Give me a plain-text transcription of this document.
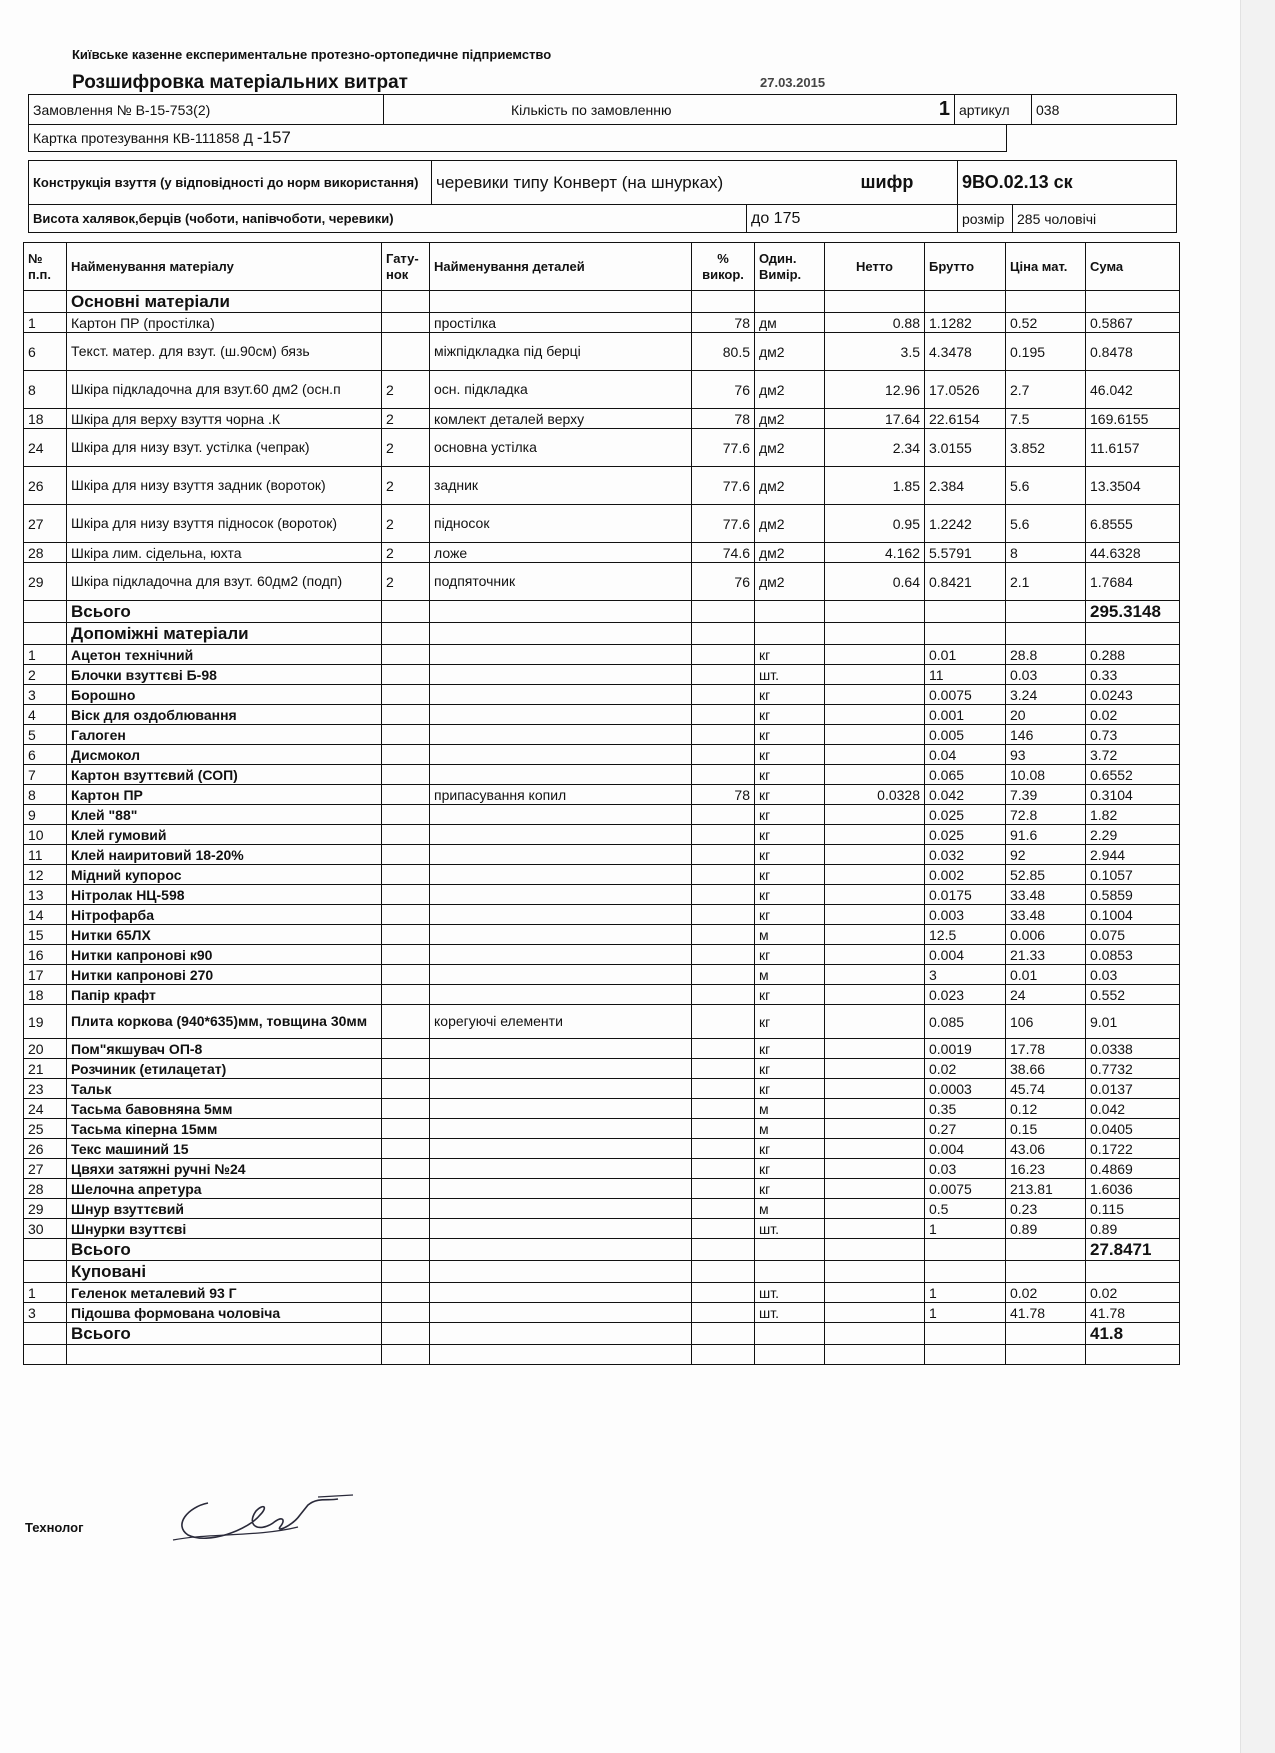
Київське казенне експериментальне протезно-ортопедичне підприемство
Розшифровка матеріальних витрат	27.03.2015
Замовлення № В-15-753(2)	Кількість по замовленню	1	артикул	038
Картка протезування КВ-111858 Д -157
Конструкція взуття (у відповідності до норм використання)	черевики типу Конверт (на шнурках)		шифр	9ВО.02.13 ск	
Висота халявок,берців (чоботи, напівчоботи, черевики)		до 175		розмір	285 чоловічі
№ п.п.	Найменування матеріалу	Гату-нок	Найменування деталей	% викор.	Один. Вимір.	Нетто	Брутто	Ціна мат.	Сума
	Основні матеріали								
1	Картон ПР (простілка)		простілка	78	дм	0.88	1.1282	0.52	0.5867
6	Текст. матер. для взут. (ш.90см) бязь		міжпідкладка під берці	80.5	дм2	3.5	4.3478	0.195	0.8478
8	Шкіра підкладочна для взут.60 дм2 (осн.п	2	осн. підкладка	76	дм2	12.96	17.0526	2.7	46.042
18	Шкіра для верху взуття чорна .К	2	комлект деталей верху	78	дм2	17.64	22.6154	7.5	169.6155
24	Шкіра для низу взут. устілка (чепрак)	2	основна устілка	77.6	дм2	2.34	3.0155	3.852	11.6157
26	Шкіра для низу взуття задник (вороток)	2	задник	77.6	дм2	1.85	2.384	5.6	13.3504
27	Шкіра для низу взуття підносок (вороток)	2	підносок	77.6	дм2	0.95	1.2242	5.6	6.8555
28	Шкіра лим. сідельна, юхта	2	ложе	74.6	дм2	4.162	5.5791	8	44.6328
29	Шкіра підкладочна для взут. 60дм2 (подп)	2	подпяточник	76	дм2	0.64	0.8421	2.1	1.7684
	Всього								295.3148
	Допоміжні матеріали								
1	Ацетон технічний				кг		0.01	28.8	0.288
2	Блочки взуттєві Б-98				шт.		11	0.03	0.33
3	Борошно				кг		0.0075	3.24	0.0243
4	Віск для оздоблювання				кг		0.001	20	0.02
5	Галоген				кг		0.005	146	0.73
6	Дисмокол				кг		0.04	93	3.72
7	Картон взуттєвий (СОП)				кг		0.065	10.08	0.6552
8	Картон ПР		припасування копил	78	кг	0.0328	0.042	7.39	0.3104
9	Клей "88"				кг		0.025	72.8	1.82
10	Клей гумовий				кг		0.025	91.6	2.29
11	Клей наиритовий 18-20%				кг		0.032	92	2.944
12	Мідний купорос				кг		0.002	52.85	0.1057
13	Нітролак НЦ-598				кг		0.0175	33.48	0.5859
14	Нітрофарба				кг		0.003	33.48	0.1004
15	Нитки 65ЛХ				м		12.5	0.006	0.075
16	Нитки капронові к90				кг		0.004	21.33	0.0853
17	Нитки капронові 270				м		3	0.01	0.03
18	Папір крафт				кг		0.023	24	0.552
19	Плита коркова (940*635)мм, товщина 30мм		корегуючі елементи		кг		0.085	106	9.01
20	Пом"якшувач ОП-8				кг		0.0019	17.78	0.0338
21	Розчиник (етилацетат)				кг		0.02	38.66	0.7732
23	Тальк				кг		0.0003	45.74	0.0137
24	Тасьма бавовняна 5мм				м		0.35	0.12	0.042
25	Тасьма кіперна 15мм				м		0.27	0.15	0.0405
26	Текс машиний 15				кг		0.004	43.06	0.1722
27	Цвяхи затяжні ручні №24				кг		0.03	16.23	0.4869
28	Шелочна апретура				кг		0.0075	213.81	1.6036
29	Шнур взуттєвий				м		0.5	0.23	0.115
30	Шнурки взуттєві				шт.		1	0.89	0.89
	Всього								27.8471
	Куповані								
1	Геленок металевий 93 Г				шт.		1	0.02	0.02
3	Підошва формована чоловіча				шт.		1	41.78	41.78
	Всього								41.8

Технолог
